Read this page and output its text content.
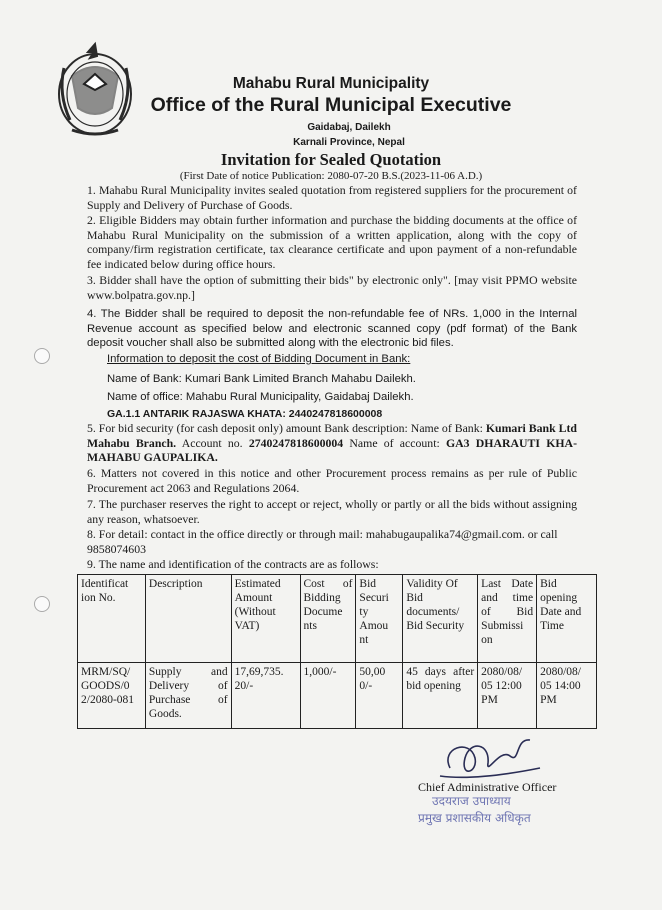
Mahabu Rural Municipality
Office of the Rural Municipal Executive
Gaidabaj, Dailekh
Karnali Province, Nepal
Invitation for Sealed Quotation
(First Date of notice Publication: 2080-07-20 B.S.(2023-11-06 A.D.)
1. Mahabu Rural Municipality invites sealed quotation from registered suppliers for the procurement of Supply and Delivery of Purchase of Goods.
2. Eligible Bidders may obtain further information and purchase the bidding documents at the office of Mahabu Rural Municipality on the submission of a written application, along with the copy of company/firm registration certificate, tax clearance certificate and upon payment of a non-refundable fee indicated below during office hours.
3. Bidder shall have the option of submitting their bids" by electronic only". [may visit PPMO website www.bolpatra.gov.np.]
4. The Bidder shall be required to deposit the non-refundable fee of NRs. 1,000 in the Internal Revenue account as specified below and electronic scanned copy (pdf format) of the Bank deposit voucher shall also be submitted along with the electronic bid files.
Information to deposit the cost of Bidding Document in Bank:
Name of Bank: Kumari Bank Limited Branch Mahabu Dailekh.
Name of office: Mahabu Rural Municipality, Gaidabaj Dailekh.
GA.1.1 ANTARIK RAJASWA KHATA: 2440247818600008
5. For bid security (for cash deposit only) amount Bank description: Name of Bank: Kumari Bank Ltd Mahabu Branch. Account no. 2740247818600004 Name of account: GA3 DHARAUTI KHA-MAHABU GAUPALIKA.
6. Matters not covered in this notice and other Procurement process remains as per rule of Public Procurement act 2063 and Regulations 2064.
7. The purchaser reserves the right to accept or reject, wholly or partly or all the bids without assigning any reason, whatsoever.
8. For detail: contact in the office directly or through mail: mahabugaupalika74@gmail.com. or call 9858074603
9. The name and identification of the contracts are as follows:
Identificat ion No.	Description	Estimated Amount (Without VAT)	Cost of Bidding Docume nts	Bid Securi ty Amou nt	Validity Of Bid documents/ Bid Security	Last Date and time of Bid Submissi on	Bid opening Date and Time
MRM/SQ/ GOODS/0 2/2080-081	Supply and Delivery of Purchase of Goods.	17,69,735. 20/-	1,000/-	50,00 0/-	45 days after bid opening	2080/08/ 05 12:00 PM	2080/08/ 05 14:00 PM
Chief Administrative Officer
उदयराज उपाध्याय
प्रमुख प्रशासकीय अधिकृत
